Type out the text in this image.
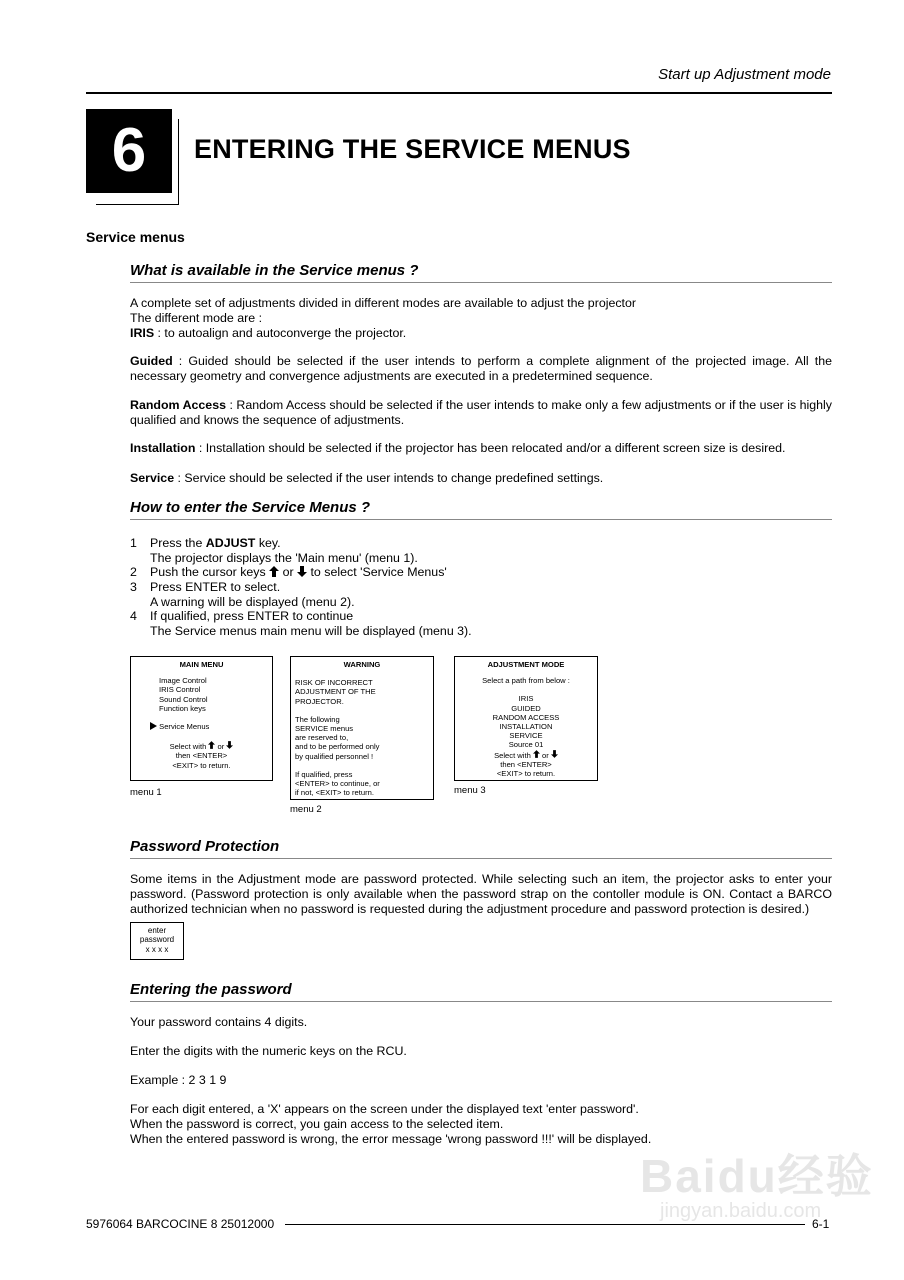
Start up Adjustment mode
6	ENTERING THE SERVICE MENUS
Service menus
What is available in the Service menus ?
A complete set of adjustments divided in different modes are available to adjust the projector
The different mode are :
IRIS : to autoalign and autoconverge the projector.
Guided : Guided should be selected if the user intends to perform a complete alignment of the projected image. All the necessary geometry and convergence adjustments are executed in a predetermined sequence.
Random Access : Random Access should be selected if the user intends to make only a few adjustments or if the user is highly qualified and knows the sequence of adjustments.
Installation : Installation should be selected if the projector has been relocated and/or a different screen size is desired.
Service : Service should be selected if the user intends to change predefined settings.
How to enter the Service Menus ?
1 Press the ADJUST key.
The projector displays the 'Main menu' (menu 1).
2 Push the cursor keys  or  to select 'Service Menus'
3 Press ENTER to select.
A warning will be displayed (menu 2).
4 If qualified, press ENTER to continue
The Service menus main menu will be displayed (menu 3).
MAIN MENU
Image Control
IRIS Control
Sound Control
Function keys
Service Menus
Select with  or
then <ENTER>
<EXIT> to return.
menu 1
WARNING
RISK OF INCORRECT
ADJUSTMENT OF THE
PROJECTOR.
The following
SERVICE menus
are reserved to,
and to be performed only
by qualified personnel !
If qualified, press
<ENTER> to continue, or
if not, <EXIT> to return.
menu 2
ADJUSTMENT MODE
Select a path from below :
IRIS
GUIDED
RANDOM ACCESS
INSTALLATION
SERVICE
Source 01
Select with  or
then <ENTER>
<EXIT> to return.
menu 3
Password Protection
Some items in the Adjustment mode are password protected. While selecting such an item, the projector asks to enter your password. (Password protection is only available when the password strap on the contoller module is ON. Contact a BARCO authorized technician when no password is requested during the adjustment procedure and password protection is desired.)
enter
password
x x x x
Entering the password
Your password contains 4 digits.
Enter the digits with the numeric keys on the RCU.
Example : 2 3 1 9
For each digit entered, a 'X' appears on the screen under the displayed text 'enter password'.
When the password is correct, you gain access to the selected item.
When the entered password is wrong, the error message 'wrong password !!!' will be displayed.
Baidu经验
jingyan.baidu.com
5976064 BARCOCINE 8 25012000	6-1
